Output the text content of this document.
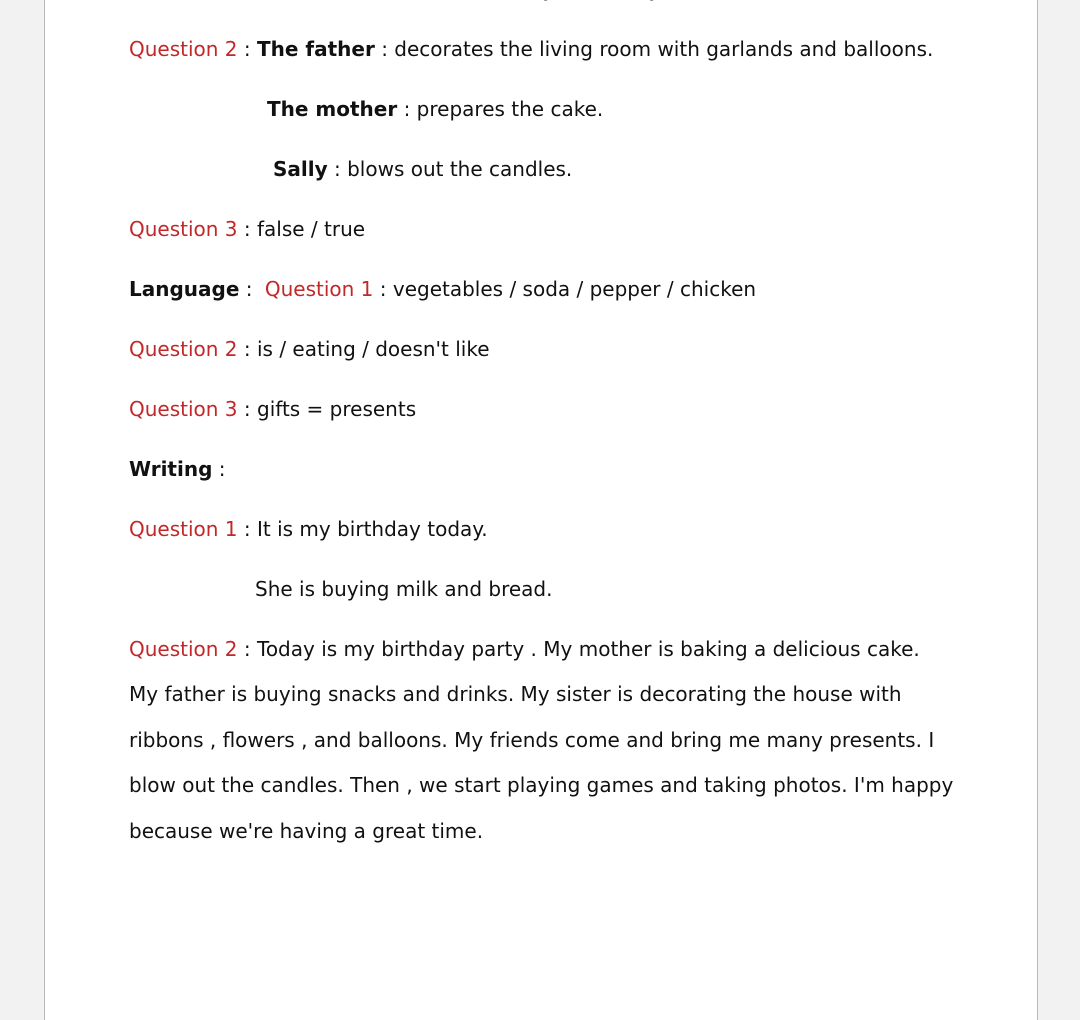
Question 2 : The father : decorates the living room with garlands and balloons.
The mother : prepares the cake.
Sally : blows out the candles.
Question 3 : false / true
Language : Question 1 : vegetables / soda / pepper / chicken
Question 2 : is / eating / doesn't like
Question 3 : gifts = presents
Writing :
Question 1 : It is my birthday today.
She is buying milk and bread.
Question 2 : Today is my birthday party . My mother is baking a delicious cake.
My father is buying snacks and drinks. My sister is decorating the house with
ribbons , flowers , and balloons. My friends come and bring me many presents. I
blow out the candles. Then , we start playing games and taking photos. I'm happy
because we're having a great time.
